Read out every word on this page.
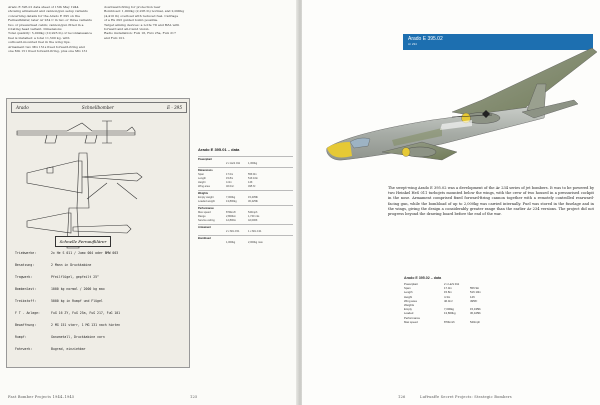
Arado E 395.01 data sheet of 15th May 1944

showing armament and cannon/gun setup variants

concerning details for the Arado E 395 on the

Fernaufklärer, later Ar 234 C in two or three variants

two or pressurised cabin; cannon/gun fitted in a

rotating head variant. Dimensions

Total quantity: 5,000kg (10,925 lb) of reconnaissance

fuel is installed: a total 11,500 kg, with

outboard-mounted fuel in the wing tips.

Armament two MG 151s fixed forward-firing and

one MG 151 fixed forward-firing, plus one MG 131

downward-firing for protection rear

Bombload: 1,000kg (2,205 lb) normal, and 2,000kg

(4,410 lb) overload with reduced fuel. Carriage

of a Hs 293 guided bomb possible.

Target aiming devices: a Lotfe 7D and BZA with

forward and all-round vision.

Radio installation: FuG 16, FuG 25a, FuG 217

and FuG 101.

Arado	Schnellbomber	E · 395
Schnelle Fernaufklärer
Triebwerke:	2x He S 011 / Jumo 004 oder BMW 003
Besatzung:	2 Mann in Druckkabine
Tragwerk:	Pfeilflügel, gepfeilt 25°
Bombenlast:	1000 kg normal / 2000 kg max
Treibstoff:	5000 kg in Rumpf und Flügel
F T - Anlage:	FuG 16 ZY, FuG 25a, FuG 217, FuG 101
Bewaffnung:	2 MG 151 starr, 1 MG 131 nach hinten
Rumpf:	Ganzmetall, Druckkabine vorn
Fahrwerk:	Bugrad, einziehbar
Arado E 395.01 – data
Powerplant
2 x HeS 011	1,300kg
Dimensions
Span	17.0m	55ft 9in
Length	15.8m	51ft 10in
Height	4.3m	14ft
Wing area	46.0m²	495 ft²
Weights
Empty weight	7,000kg	15,435lb
Loaded weight	13,800kg	30,425lb
Performance
Max speed	870km/h	540mph
Range	2,800km	1,740 mls
Service ceiling	12,800m	42,000ft
Armament
2 x MG 151	1 x MG 131
Bombload
1,000kg	2,000kg max
Fast Bomber Projects 1944–1945	125
Arado E 395.02
Ar 234
The swept-wing Arado E 395.02 was a development of the Ar 234 series of jet bombers. It was to be powered by two Heinkel HeS 011 turbojets mounted below the wings, with the crew of two housed in a pressurised cockpit in the nose. Armament comprised fixed forward-firing cannon together with a remotely controlled rearward-facing gun, while the bombload of up to 2,000kg was carried internally. Fuel was stored in the fuselage and in the wings, giving the design a considerably greater range than the earlier Ar 234 versions. The project did not progress beyond the drawing board before the end of the war.
Arado E 395.02 – data
Powerplant	2 x HeS 011
Span	17.0m	55ft 9in
Length	15.8m	51ft 10in
Height	4.3m	14ft
Wing area	46.0m²	495ft²
Weights
Empty	7,000kg	15,435lb
Loaded	13,800kg	30,425lb
Performance
Max speed	870km/h	540mph
126	Luftwaffe Secret Projects: Strategic Bombers
